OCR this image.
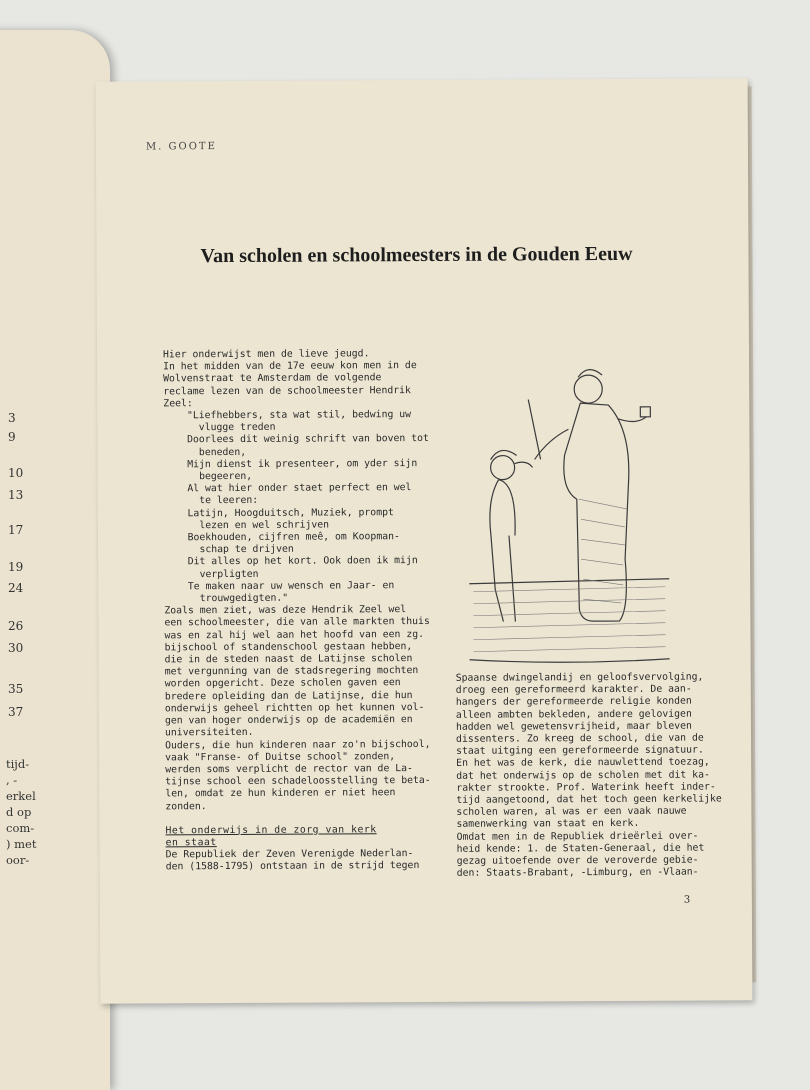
3
9
10
13
17
19
24
26
30
35
37
tijd-
, -
erkel
d op
com-
) met
oor-
M. GOOTE
Van scholen en schoolmeesters in de Gouden Eeuw
Hier onderwijst men de lieve jeugd.
In het midden van de 17e eeuw kon men in de
Wolvenstraat te Amsterdam de volgende
reclame lezen van de schoolmeester Hendrik
Zeel:
"Liefhebbers, sta wat stil, bedwing uw
vlugge treden
Doorlees dit weinig schrift van boven tot
beneden,
Mijn dienst ik presenteer, om yder sijn
begeeren,
Al wat hier onder staet perfect en wel
te leeren:
Latijn, Hoogduitsch, Muziek, prompt
lezen en wel schrijven
Boekhouden, cijfren meê, om Koopman-
schap te drijven
Dit alles op het kort. Ook doen ik mijn
verpligten
Te maken naar uw wensch en Jaar- en
trouwgedigten."
Zoals men ziet, was deze Hendrik Zeel wel
een schoolmeester, die van alle markten thuis
was en zal hij wel aan het hoofd van een zg.
bijschool of standenschool gestaan hebben,
die in de steden naast de Latijnse scholen
met vergunning van de stadsregering mochten
worden opgericht. Deze scholen gaven een
bredere opleiding dan de Latijnse, die hun
onderwijs geheel richtten op het kunnen vol-
gen van hoger onderwijs op de academiën en
universiteiten.
Ouders, die hun kinderen naar zo'n bijschool,
vaak "Franse- of Duitse school" zonden,
werden soms verplicht de rector van de La-
tijnse school een schadeloosstelling te beta-
len, omdat ze hun kinderen er niet heen
zonden.
Het onderwijs in de zorg van kerk
en staat
De Republiek der Zeven Verenigde Nederlan-
den (1588-1795) ontstaan in de strijd tegen
Spaanse dwingelandij en geloofsvervolging,
droeg een gereformeerd karakter. De aan-
hangers der gereformeerde religie konden
alleen ambten bekleden, andere gelovigen
hadden wel gewetensvrijheid, maar bleven
dissenters. Zo kreeg de school, die van de
staat uitging een gereformeerde signatuur.
En het was de kerk, die nauwlettend toezag,
dat het onderwijs op de scholen met dit ka-
rakter strookte. Prof. Waterink heeft inder-
tijd aangetoond, dat het toch geen kerkelijke
scholen waren, al was er een vaak nauwe
samenwerking van staat en kerk.
Omdat men in de Republiek drieërlei over-
heid kende: 1. de Staten-Generaal, die het
gezag uitoefende over de veroverde gebie-
den: Staats-Brabant, -Limburg, en -Vlaan-
3
